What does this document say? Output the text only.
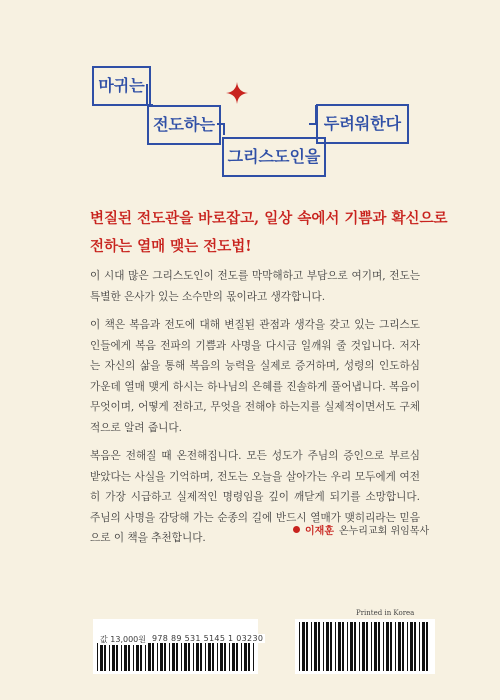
마귀는
전도하는	두려워한다
그리스도인을
변질된 전도관을 바로잡고, 일상 속에서 기쁨과 확신으로
전하는 열매 맺는 전도법!

이 시대 많은 그리스도인이 전도를 막막해하고 부담으로 여기며, 전도는 특별한 은사가 있는 소수만의 몫이라고 생각합니다.

이 책은 복음과 전도에 대해 변질된 관점과 생각을 갖고 있는 그리스도인들에게 복음 전파의 기쁨과 사명을 다시금 일깨워 줄 것입니다. 저자는 자신의 삶을 통해 복음의 능력을 실제로 증거하며, 성령의 인도하심 가운데 열매 맺게 하시는 하나님의 은혜를 진솔하게 풀어냅니다. 복음이 무엇이며, 어떻게 전하고, 무엇을 전해야 하는지를 실제적이면서도 구체적으로 알려 줍니다.

복음은 전해질 때 온전해집니다. 모든 성도가 주님의 증인으로 부르심 받았다는 사실을 기억하며, 전도는 오늘을 살아가는 우리 모두에게 여전히 가장 시급하고 실제적인 명령임을 깊이 깨닫게 되기를 소망합니다. 주님의 사명을 감당해 가는 순종의 길에 반드시 열매가 맺히리라는 믿음으로 이 책을 추천합니다.

이재훈 온누리교회 위임목사
Printed in Korea
값 13,000원 978 89 531 5145 1 03230
